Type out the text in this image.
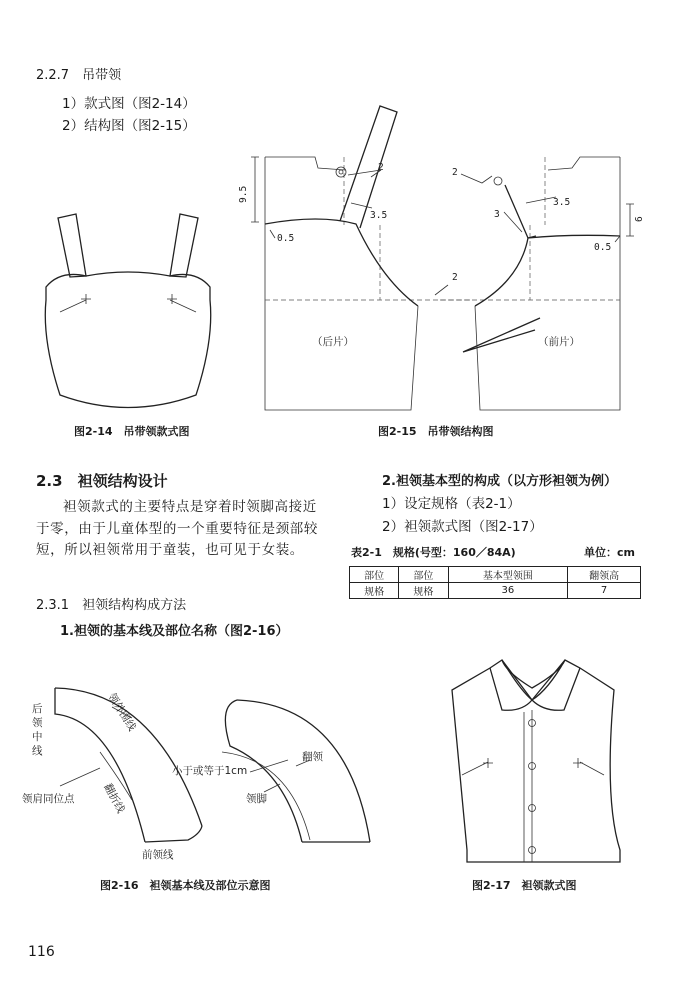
2.2.7　吊带领
1）款式图（图2-14）
2）结构图（图2-15）
9.5
2
3.5
0.5
2
3.5
3
0.5
6
2
（后片）	（前片）
后
领
中
线
领外围线
领肩同位点	翻折线
前领线
小于或等于1cm
翻领
领脚
图2-14　吊带领款式图	图2-15　吊带领结构图
2.3　袒领结构设计
袒领款式的主要特点是穿着时领脚高接近于零，由于儿童体型的一个重要特征是颈部较短，所以袒领常用于童装，也可见于女装。
2.3.1　袒领结构构成方法
1.袒领的基本线及部位名称（图2-16）
2.袒领基本型的构成（以方形袒领为例）
1）设定规格（表2-1）
2）袒领款式图（图2-17）
表2-1　规格(号型：160／84A)	单位：cm
部位	部位	基本型领围	翻领高
规格	规格	36	7
图2-16　袒领基本线及部位示意图	图2-17　袒领款式图
116
